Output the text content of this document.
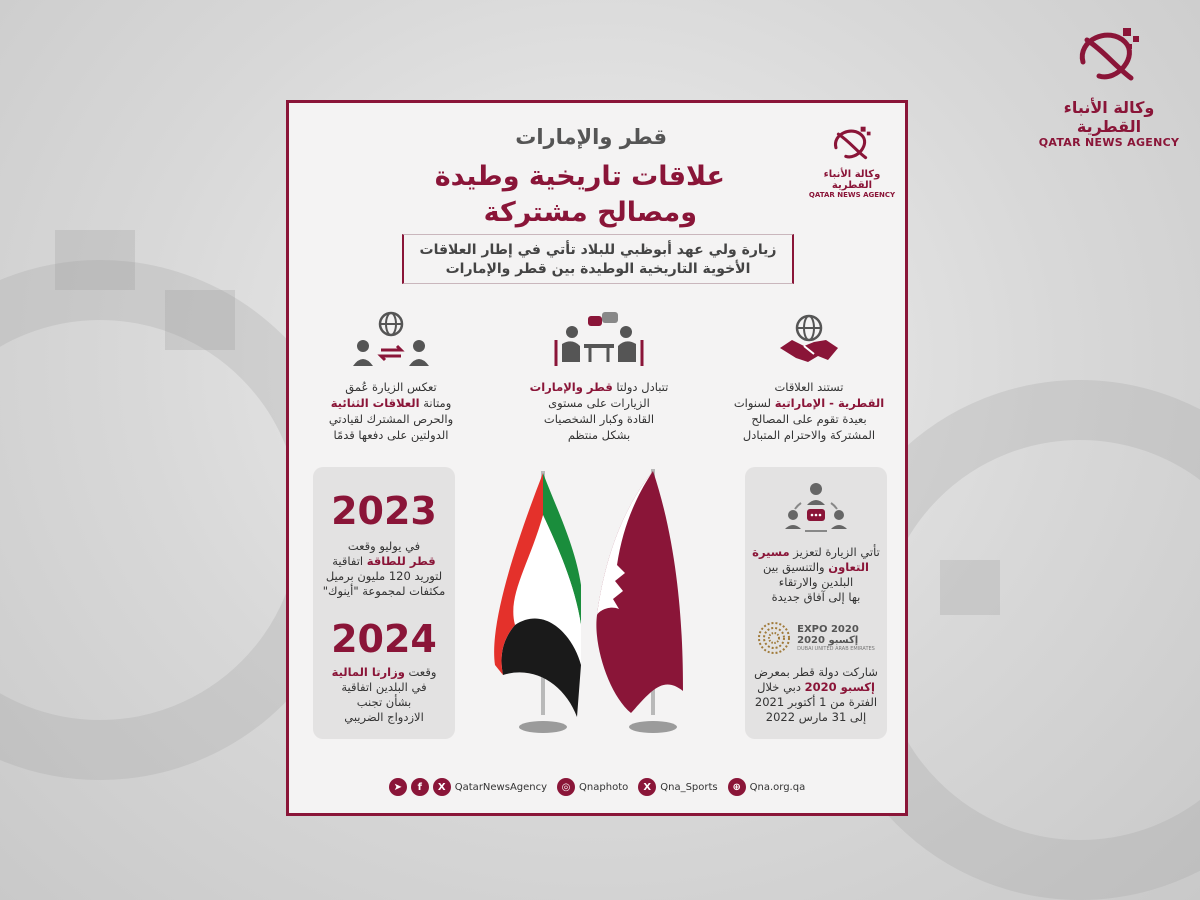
وكالة الأنباء القطرية
QATAR NEWS AGENCY
قطر والإمارات
علاقات تاريخية وطيدة
ومصالح مشتركة
وكالة الأنباء القطرية
QATAR NEWS AGENCY
زيارة ولي عهد أبوظبي للبلاد تأتي في إطار العلاقات
الأخوية التاريخية الوطيدة بين قطر والإمارات
تستند العلاقات
القطرية - الإماراتية لسنوات
بعيدة تقوم على المصالح
المشتركة والاحترام المتبادل
تتبادل دولتا قطر والإمارات
الزيارات على مستوى
القادة وكبار الشخصيات
بشكل منتظم
تعكس الزيارة عُمق
ومتانة العلاقات الثنائية
والحرص المشترك لقيادتي
الدولتين على دفعها قدمًا
2023
في يوليو وقعت
قطر للطاقة اتفاقية
لتوريد 120 مليون برميل
مكثفات لمجموعة "أينوك"
2024
وقعت وزارتا المالية
في البلدين اتفاقية
بشأن تجنب
الازدواج الضريبي
تأتي الزيارة لتعزيز مسيرة
التعاون والتنسيق بين
البلدين والارتقاء
بها إلى آفاق جديدة
EXPO 2020
إكسبو 2020
DUBAI UNITED ARAB EMIRATES
شاركت دولة قطر بمعرض
إكسبو 2020 دبي خلال
الفترة من 1 أكتوبر 2021
إلى 31 مارس 2022
➤	f	X QatarNewsAgency	◎ Qnaphoto	X Qna_Sports	⊕ Qna.org.qa
